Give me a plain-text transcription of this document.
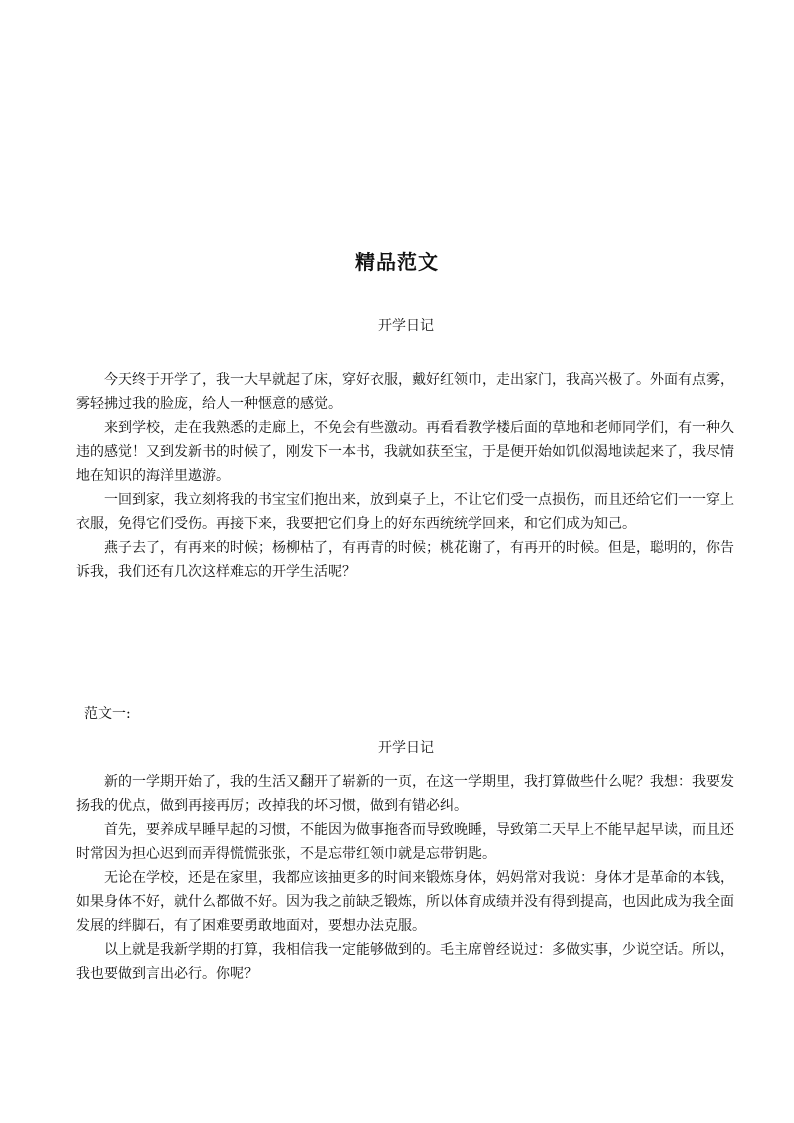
精品范文
开学日记

今天终于开学了，我一大早就起了床，穿好衣服，戴好红领巾，走出家门，我高兴极了。外面有点雾，雾轻拂过我的脸庞，给人一种惬意的感觉。

来到学校，走在我熟悉的走廊上，不免会有些激动。再看看教学楼后面的草地和老师同学们，有一种久违的感觉！又到发新书的时候了，刚发下一本书，我就如获至宝，于是便开始如饥似渴地读起来了，我尽情地在知识的海洋里遨游。

一回到家，我立刻将我的书宝宝们抱出来，放到桌子上，不让它们受一点损伤，而且还给它们一一穿上衣服，免得它们受伤。再接下来，我要把它们身上的好东西统统学回来，和它们成为知己。

燕子去了，有再来的时候；杨柳枯了，有再青的时候；桃花谢了，有再开的时候。但是，聪明的，你告诉我，我们还有几次这样难忘的开学生活呢？

范文一:
开学日记

新的一学期开始了，我的生活又翻开了崭新的一页，在这一学期里，我打算做些什么呢？我想：我要发扬我的优点，做到再接再厉；改掉我的坏习惯，做到有错必纠。

首先，要养成早睡早起的习惯，不能因为做事拖沓而导致晚睡，导致第二天早上不能早起早读，而且还时常因为担心迟到而弄得慌慌张张，不是忘带红领巾就是忘带钥匙。

无论在学校，还是在家里，我都应该抽更多的时间来锻炼身体，妈妈常对我说：身体才是革命的本钱，如果身体不好，就什么都做不好。因为我之前缺乏锻炼，所以体育成绩并没有得到提高，也因此成为我全面发展的绊脚石，有了困难要勇敢地面对，要想办法克服。

以上就是我新学期的打算，我相信我一定能够做到的。毛主席曾经说过：多做实事，少说空话。所以，我也要做到言出必行。你呢？
